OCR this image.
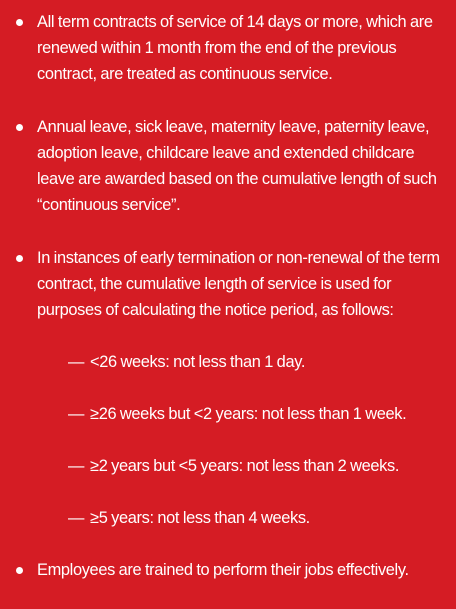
All term contracts of service of 14 days or more, which are renewed within 1 month from the end of the previous contract, are treated as continuous service.
Annual leave, sick leave, maternity leave, paternity leave, adoption leave, childcare leave and extended childcare leave are awarded based on the cumulative length of such “continuous service”.
In instances of early termination or non-renewal of the term contract, the cumulative length of service is used for purposes of calculating the notice period, as follows:
— <26 weeks: not less than 1 day.
— ≥26 weeks but <2 years: not less than 1 week.
— ≥2 years but <5 years: not less than 2 weeks.
— ≥5 years: not less than 4 weeks.
Employees are trained to perform their jobs effectively.
